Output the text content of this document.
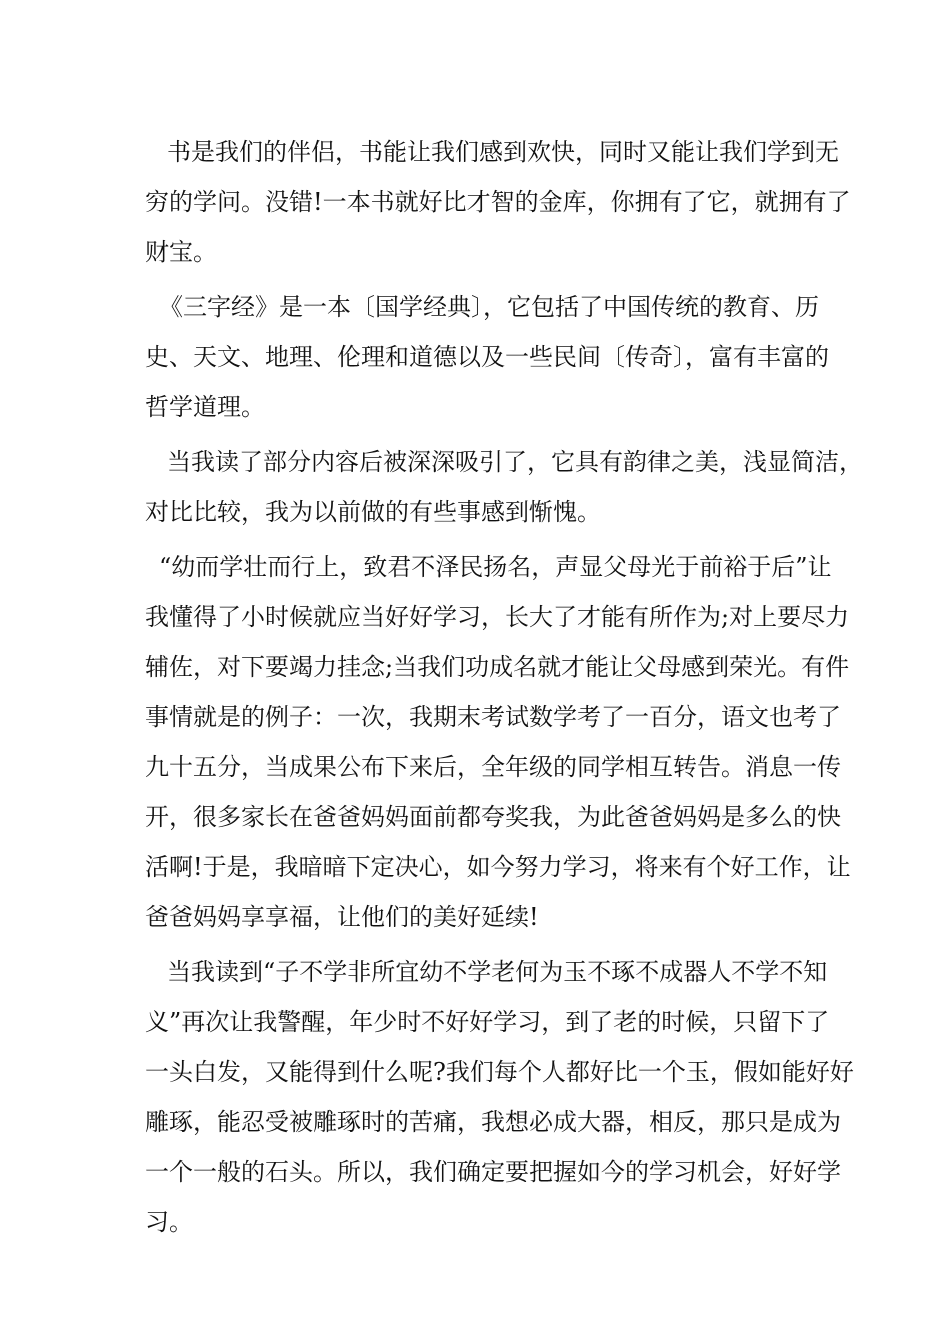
书是我们的伴侣，书能让我们感到欢快，同时又能让我们学到无
穷的学问。没错!一本书就好比才智的金库，你拥有了它，就拥有了
财宝。
《三字经》是一本〔国学经典〕，它包括了中国传统的教育、历
史、天文、地理、伦理和道德以及一些民间〔传奇〕，富有丰富的
哲学道理。
当我读了部分内容后被深深吸引了，它具有韵律之美，浅显简洁，
对比比较，我为以前做的有些事感到惭愧。
“幼而学壮而行上，致君不泽民扬名，声显父母光于前裕于后”让
我懂得了小时候就应当好好学习，长大了才能有所作为;对上要尽力
辅佐，对下要竭力挂念;当我们功成名就才能让父母感到荣光。有件
事情就是的例子：一次，我期末考试数学考了一百分，语文也考了
九十五分，当成果公布下来后，全年级的同学相互转告。消息一传
开，很多家长在爸爸妈妈面前都夸奖我，为此爸爸妈妈是多么的快
活啊!于是，我暗暗下定决心，如今努力学习，将来有个好工作，让
爸爸妈妈享享福，让他们的美好延续!
当我读到“子不学非所宜幼不学老何为玉不琢不成器人不学不知
义”再次让我警醒，年少时不好好学习，到了老的时候，只留下了
一头白发，又能得到什么呢?我们每个人都好比一个玉，假如能好好
雕琢，能忍受被雕琢时的苦痛，我想必成大器，相反，那只是成为
一个一般的石头。所以，我们确定要把握如今的学习机会，好好学
习。
